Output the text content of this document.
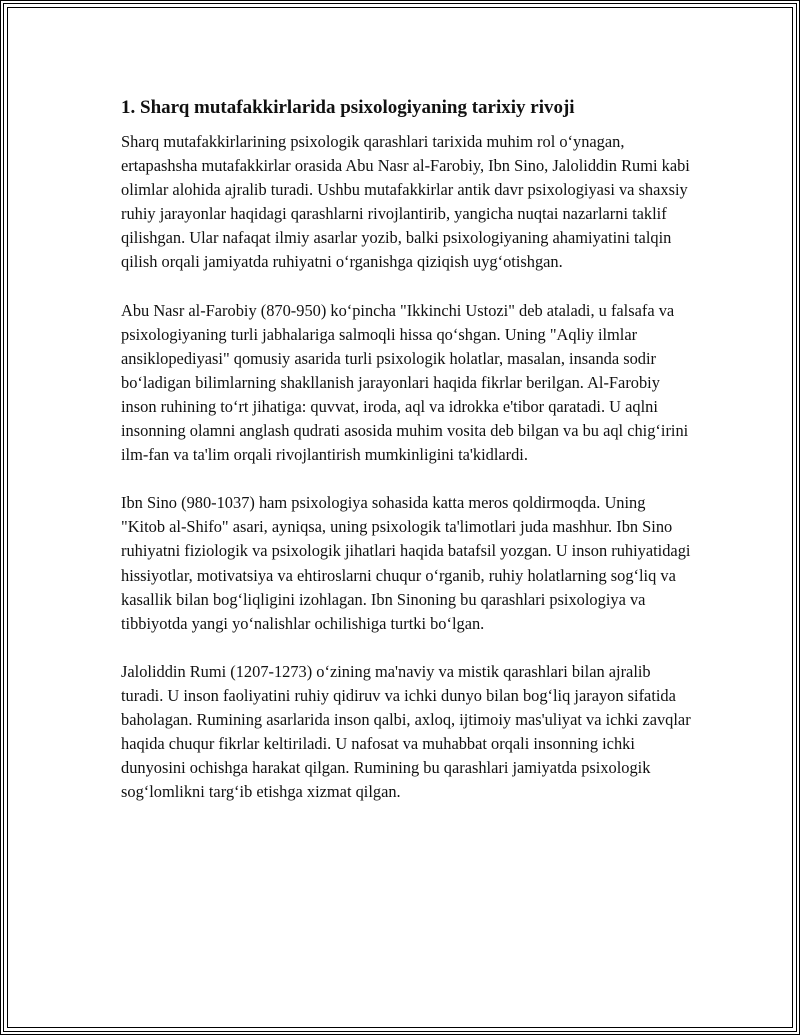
1. Sharq mutafakkirlarida psixologiyaning tarixiy rivoji

Sharq mutafakkirlarining psixologik qarashlari tarixida muhim rol o‘ynagan, ertapashsha mutafakkirlar orasida Abu Nasr al-Farobiy, Ibn Sino, Jaloliddin Rumi kabi olimlar alohida ajralib turadi. Ushbu mutafakkirlar antik davr psixologiyasi va shaxsiy ruhiy jarayonlar haqidagi qarashlarni rivojlantirib, yangicha nuqtai nazarlarni taklif qilishgan. Ular nafaqat ilmiy asarlar yozib, balki psixologiyaning ahamiyatini talqin qilish orqali jamiyatda ruhiyatni o‘rganishga qiziqish uyg‘otishgan.

Abu Nasr al-Farobiy (870-950) ko‘pincha "Ikkinchi Ustozi" deb ataladi, u falsafa va psixologiyaning turli jabhalariga salmoqli hissa qo‘shgan. Uning "Aqliy ilmlar ansiklopediyasi" qomusiy asarida turli psixologik holatlar, masalan, insanda sodir bo‘ladigan bilimlarning shakllanish jarayonlari haqida fikrlar berilgan. Al-Farobiy inson ruhining to‘rt jihatiga: quvvat, iroda, aql va idrokka e'tibor qaratadi. U aqlni insonning olamni anglash qudrati asosida muhim vosita deb bilgan va bu aql chig‘irini ilm-fan va ta'lim orqali rivojlantirish mumkinligini ta'kidlardi.

Ibn Sino (980-1037) ham psixologiya sohasida katta meros qoldirmoqda. Uning "Kitob al-Shifo" asari, ayniqsa, uning psixologik ta'limotlari juda mashhur. Ibn Sino ruhiyatni fiziologik va psixologik jihatlari haqida batafsil yozgan. U inson ruhiyatidagi hissiyotlar, motivatsiya va ehtiroslarni chuqur o‘rganib, ruhiy holatlarning sog‘liq va kasallik bilan bog‘liqligini izohlagan. Ibn Sinoning bu qarashlari psixologiya va tibbiyotda yangi yo‘nalishlar ochilishiga turtki bo‘lgan.

Jaloliddin Rumi (1207-1273) o‘zining ma'naviy va mistik qarashlari bilan ajralib turadi. U inson faoliyatini ruhiy qidiruv va ichki dunyo bilan bog‘liq jarayon sifatida baholagan. Rumining asarlarida inson qalbi, axloq, ijtimoiy mas'uliyat va ichki zavqlar haqida chuqur fikrlar keltiriladi. U nafosat va muhabbat orqali insonning ichki dunyosini ochishga harakat qilgan. Rumining bu qarashlari jamiyatda psixologik sog‘lomlikni targ‘ib etishga xizmat qilgan.
